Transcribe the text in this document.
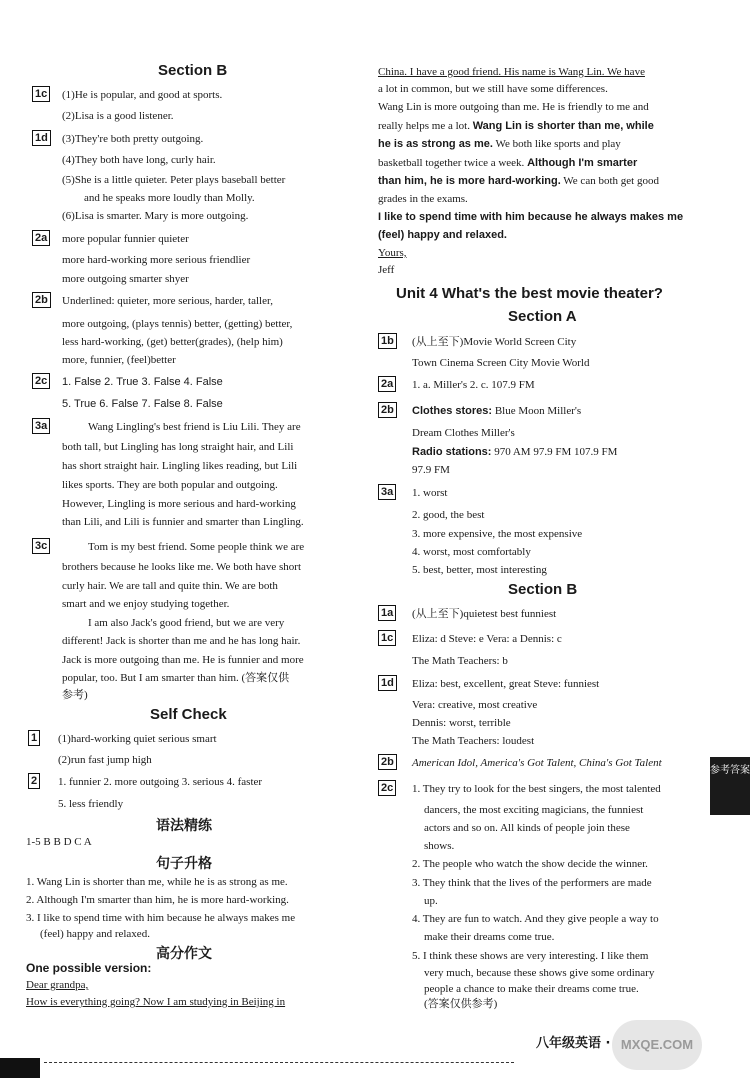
Section B
1c (1)He is popular, and good at sports.
(2)Lisa is a good listener.
1d (3)They're both pretty outgoing.
(4)They both have long, curly hair.
(5)She is a little quieter. Peter plays baseball better
and he speaks more loudly than Molly.
(6)Lisa is smarter. Mary is more outgoing.
2a more popular funnier quieter
more hard-working more serious friendlier
more outgoing smarter shyer
2b Underlined: quieter, more serious, harder, taller,
more outgoing, (plays tennis) better, (getting) better,
less hard-working, (get) better(grades), (help him)
more, funnier, (feel)better
2c 1. False 2. True 3. False 4. False
5. True 6. False 7. False 8. False
3a	Wang Lingling's best friend is Liu Lili. They are
both tall, but Lingling has long straight hair, and Lili
has short straight hair. Lingling likes reading, but Lili
likes sports. They are both popular and outgoing.
However, Lingling is more serious and hard-working
than Lili, and Lili is funnier and smarter than Lingling.
3c	Tom is my best friend. Some people think we are
brothers because he looks like me. We both have short
curly hair. We are tall and quite thin. We are both
smart and we enjoy studying together.
I am also Jack's good friend, but we are very
different! Jack is shorter than me and he has long hair.
Jack is more outgoing than me. He is funnier and more
popular, too. But I am smarter than him. (答案仅供
参考)
Self Check
1 (1)hard-working quiet serious smart
(2)run fast jump high
2 1. funnier 2. more outgoing 3. serious 4. faster
5. less friendly
语法精练
1-5 B B D C A
句子升格
1. Wang Lin is shorter than me, while he is as strong as me.
2. Although I'm smarter than him, he is more hard-working.
3. I like to spend time with him because he always makes me
(feel) happy and relaxed.
高分作文
One possible version:
Dear grandpa,
How is everything going? Now I am studying in Beijing in
China. I have a good friend. His name is Wang Lin. We have
a lot in common, but we still have some differences.
Wang Lin is more outgoing than me. He is friendly to me and
really helps me a lot. Wang Lin is shorter than me, while
he is as strong as me. We both like sports and play
basketball together twice a week. Although I'm smarter
than him, he is more hard-working. We can both get good
grades in the exams.
I like to spend time with him because he always makes me
(feel) happy and relaxed.
Yours,
Jeff
Unit 4 What's the best movie theater?
Section A
1b (从上至下)Movie World Screen City
Town Cinema Screen City Movie World
2a 1. a. Miller's 2. c. 107.9 FM
2b Clothes stores: Blue Moon Miller's
Dream Clothes Miller's
Radio stations: 970 AM 97.9 FM 107.9 FM
97.9 FM
3a 1. worst
2. good, the best
3. more expensive, the most expensive
4. worst, most comfortably
5. best, better, most interesting
Section B
1a (从上至下)quietest best funniest
1c Eliza: d Steve: e Vera: a Dennis: c
The Math Teachers: b
1d Eliza: best, excellent, great Steve: funniest
Vera: creative, most creative
Dennis: worst, terrible
The Math Teachers: loudest
2b American Idol, America's Got Talent, China's Got Talent
2c 1. They try to look for the best singers, the most talented
dancers, the most exciting magicians, the funniest
actors and so on. All kinds of people join these
shows.
2. The people who watch the show decide the winner.
3. They think that the lives of the performers are made
up.
4. They are fun to watch. And they give people a way to
make their dreams come true.
5. I think these shows are very interesting. I like them
very much, because these shows give some ordinary
people a chance to make their dreams come true.
(答案仅供参考)
参考答案
八年级英语 · MXQE.COM
